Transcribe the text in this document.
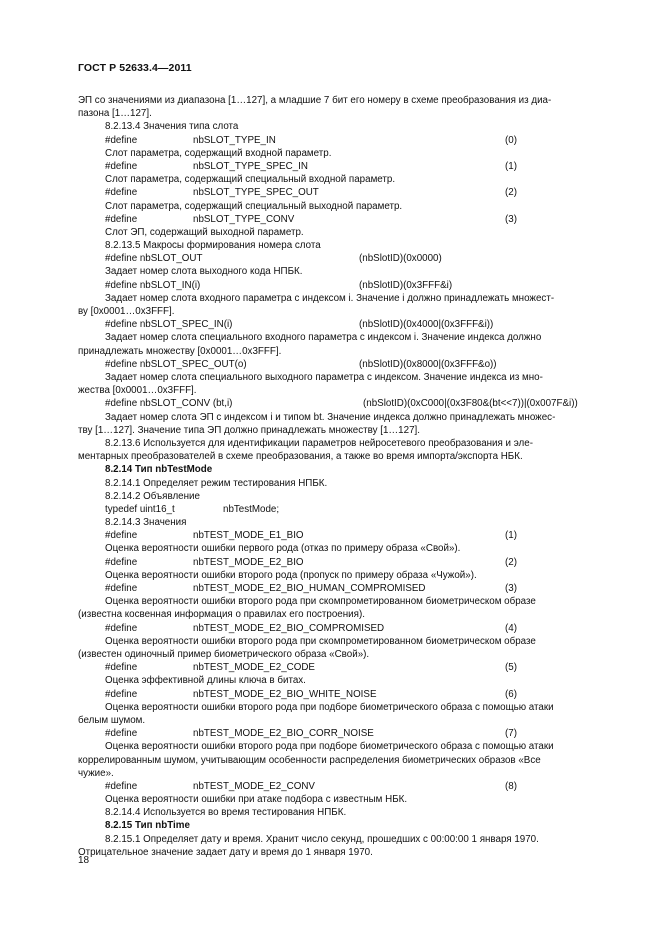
ГОСТ Р 52633.4—2011
ЭП со значениями из диапазона [1…127], а младшие 7 бит его номеру в схеме преобразования из диа-
пазона [1…127].
8.2.13.4 Значения типа слота
#define	nbSLOT_TYPE_IN	(0)
Слот параметра, содержащий входной параметр.
#define	nbSLOT_TYPE_SPEC_IN	(1)
Слот параметра, содержащий специальный входной параметр.
#define	nbSLOT_TYPE_SPEC_OUT	(2)
Слот параметра, содержащий специальный выходной параметр.
#define	nbSLOT_TYPE_CONV	(3)
Слот ЭП, содержащий выходной параметр.
8.2.13.5 Макросы формирования номера слота
#define nbSLOT_OUT	(nbSlotID)(0x0000)
Задает номер слота выходного кода НПБК.
#define nbSLOT_IN(i)	(nbSlotID)(0x3FFF&i)
Задает номер слота входного параметра с индексом i. Значение i должно принадлежать множест-
ву [0x0001…0x3FFF].
#define nbSLOT_SPEC_IN(i)	(nbSlotID)(0x4000|(0x3FFF&i))
Задает номер слота специального входного параметра с индексом i. Значение индекса должно
принадлежать множеству [0x0001…0x3FFF].
#define nbSLOT_SPEC_OUT(o)	(nbSlotID)(0x8000|(0x3FFF&o))
Задает номер слота специального выходного параметра с индексом. Значение индекса из мно-
жества [0x0001…0x3FFF].
#define nbSLOT_CONV (bt,i)	(nbSlotID)(0xC000|(0x3F80&(bt<<7))|(0x007F&i))
Задает номер слота ЭП с индексом i и типом bt. Значение индекса должно принадлежать множес-
тву [1…127]. Значение типа ЭП должно принадлежать множеству [1…127].
8.2.13.6 Используется для идентификации параметров нейросетевого преобразования и эле-
ментарных преобразователей в схеме преобразования, а также во время импорта/экспорта НБК.
8.2.14 Тип nbTestMode
8.2.14.1 Определяет режим тестирования НПБК.
8.2.14.2 Объявление
typedef uint16_t	nbTestMode;
8.2.14.3 Значения
#define	nbTEST_MODE_E1_BIO	(1)
Оценка вероятности ошибки первого рода (отказ по примеру образа «Свой»).
#define	nbTEST_MODE_E2_BIO	(2)
Оценка вероятности ошибки второго рода (пропуск по примеру образа «Чужой»).
#define	nbTEST_MODE_E2_BIO_HUMAN_COMPROMISED	(3)
Оценка вероятности ошибки второго рода при скомпрометированном биометрическом образе
(известна косвенная информация о правилах его построения).
#define	nbTEST_MODE_E2_BIO_COMPROMISED	(4)
Оценка вероятности ошибки второго рода при скомпрометированном биометрическом образе
(известен одиночный пример биометрического образа «Свой»).
#define	nbTEST_MODE_E2_CODE	(5)
Оценка эффективной длины ключа в битах.
#define	nbTEST_MODE_E2_BIO_WHITE_NOISE	(6)
Оценка вероятности ошибки второго рода при подборе биометрического образа с помощью атаки
белым шумом.
#define	nbTEST_MODE_E2_BIO_CORR_NOISE	(7)
Оценка вероятности ошибки второго рода при подборе биометрического образа с помощью атаки
коррелированным шумом, учитывающим особенности распределения биометрических образов «Все
чужие».
#define	nbTEST_MODE_E2_CONV	(8)
Оценка вероятности ошибки при атаке подбора с известным НБК.
8.2.14.4 Используется во время тестирования НПБК.
8.2.15 Тип nbTime
8.2.15.1 Определяет дату и время. Хранит число секунд, прошедших с 00:00:00 1 января 1970.
Отрицательное значение задает дату и время до 1 января 1970.
18
